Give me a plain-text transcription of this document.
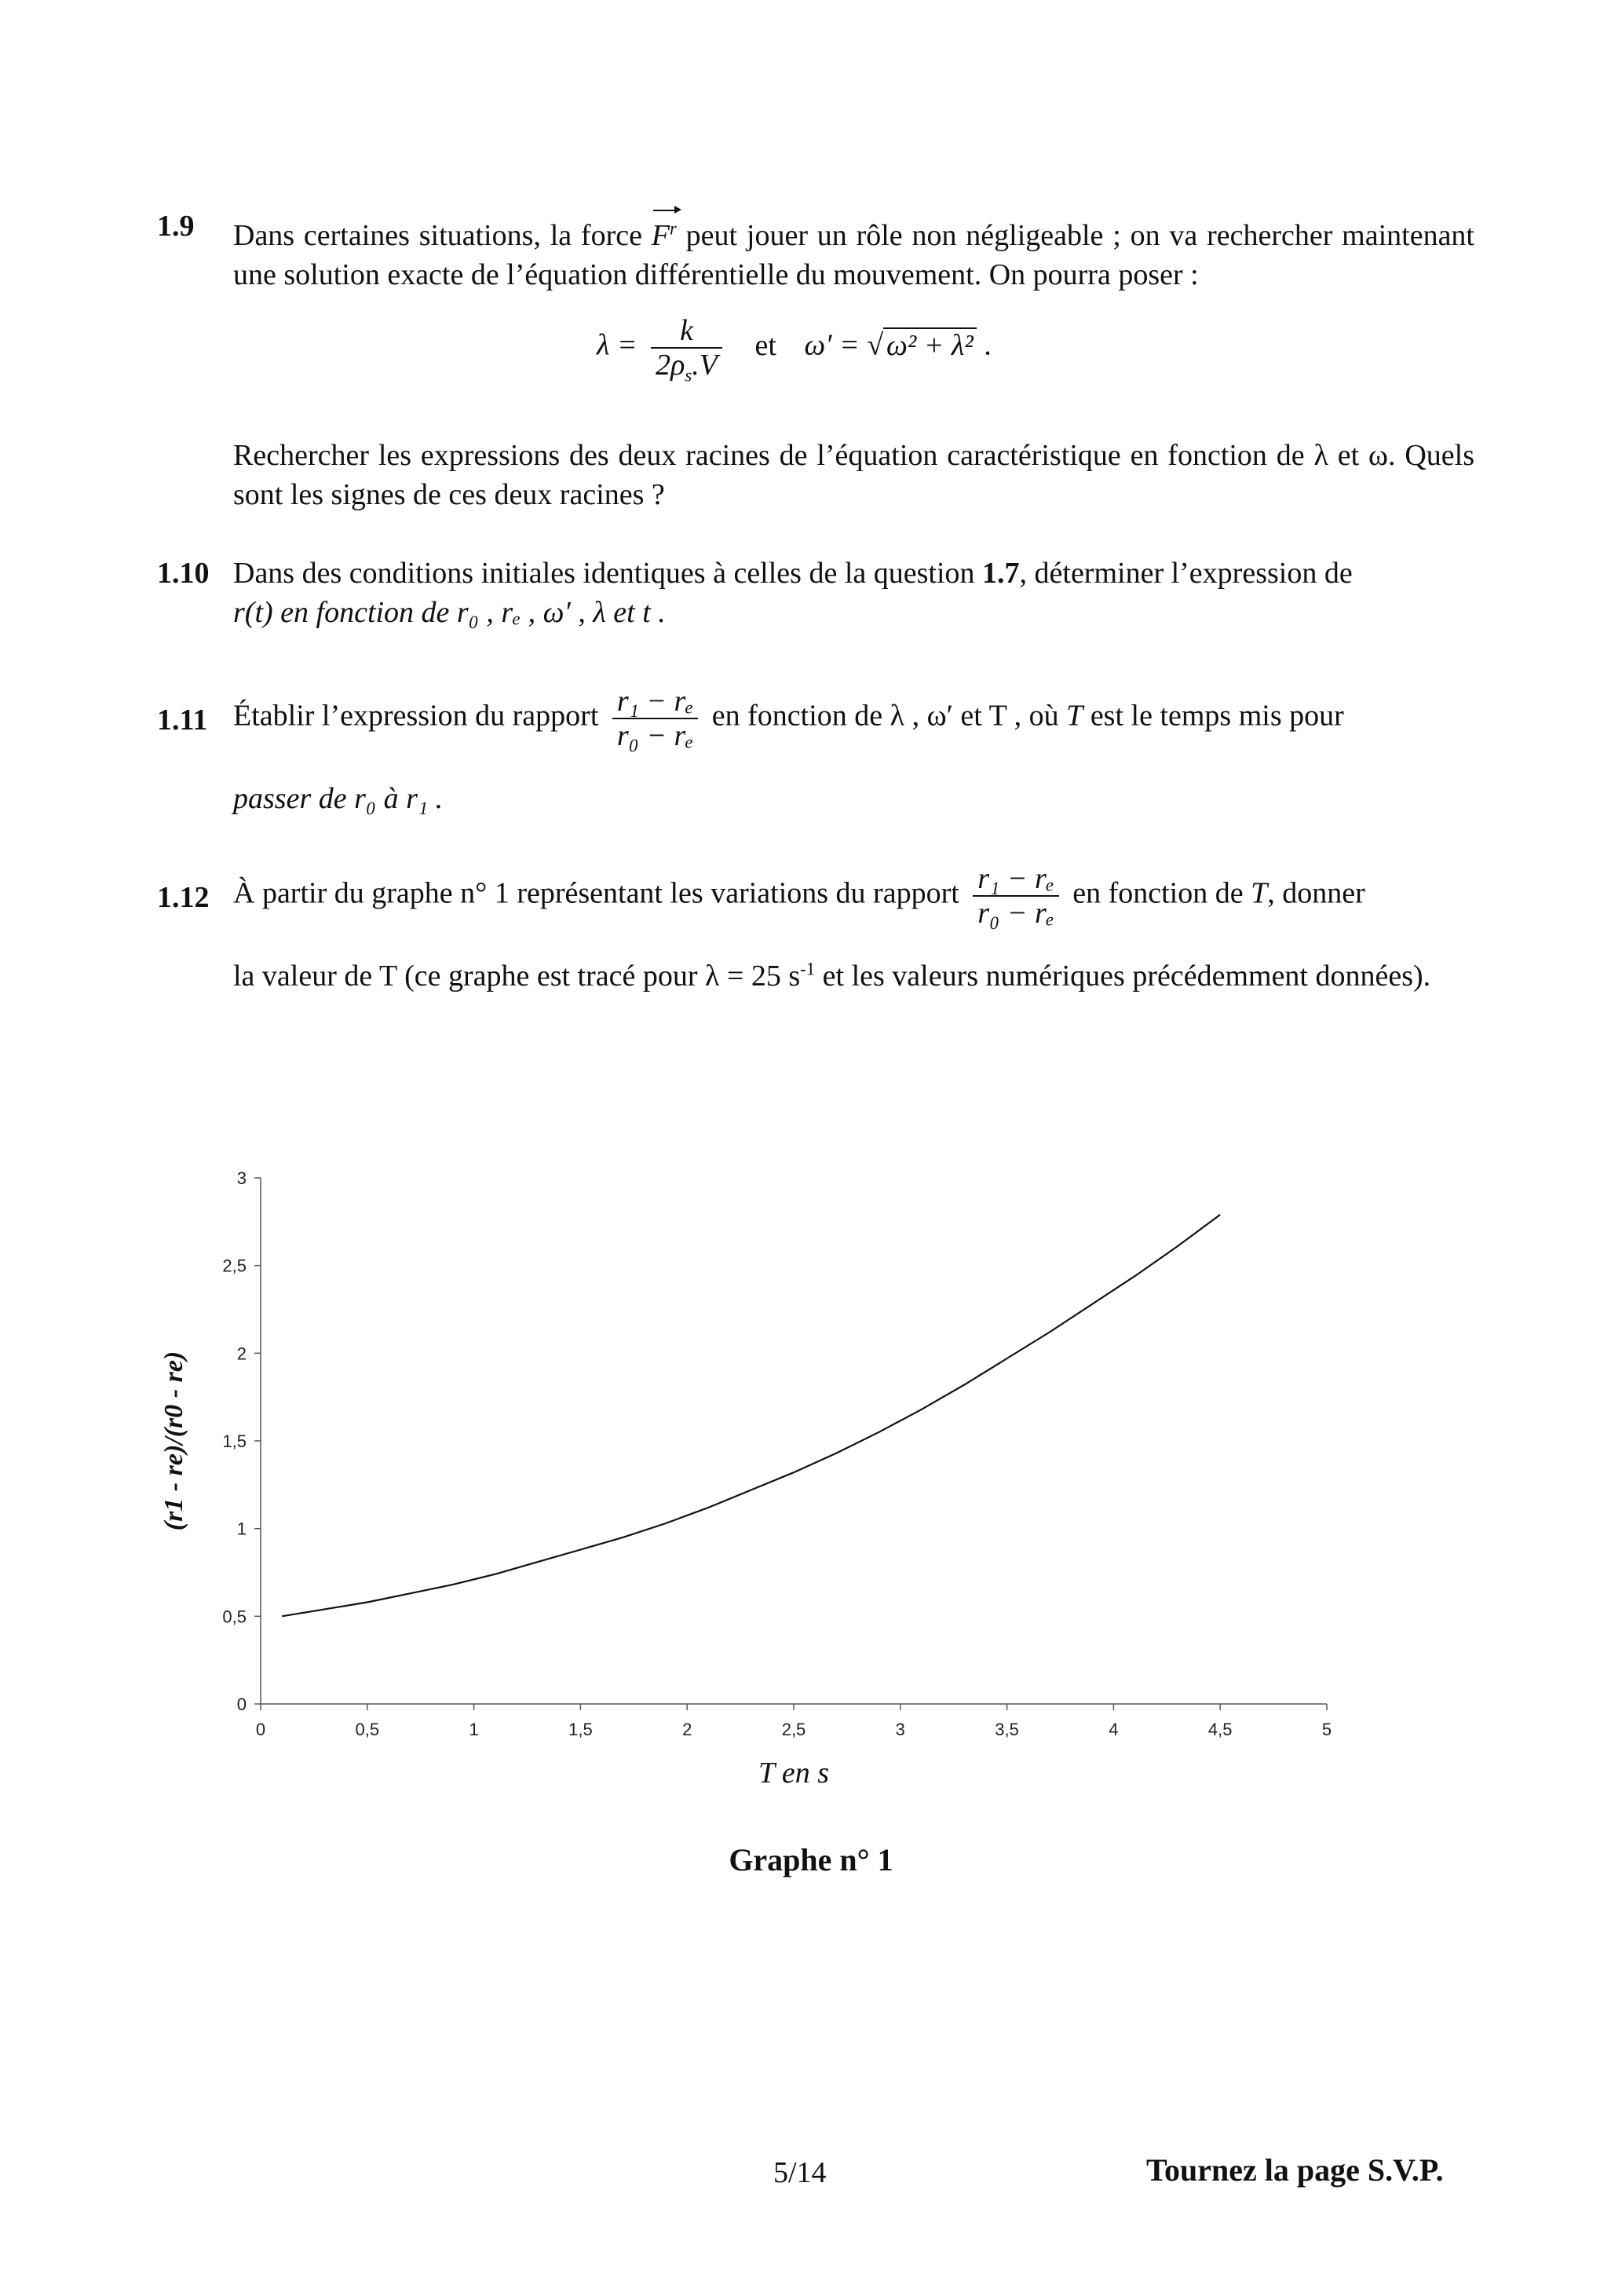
1.9 Dans certaines situations, la force $F^r$ peut jouer un rôle non négligeable ; on va rechercher maintenant une solution exacte de l’équation différentielle du mouvement. On pourra poser :
$\lambda = \frac{k}{2\rho_s.V}$ et ω′ = √ ω² + λ² .
Rechercher les expressions des deux racines de l’équation caractéristique en fonction de λ et ω. Quels sont les signes de ces deux racines ?
1.10 Dans des conditions initiales identiques à celles de la question 1.7, déterminer l’expression de
r(t) en fonction de r₀ , rₑ , ω′ , λ et t .
1.11 Établir l’expression du rapport $\frac{\text{r₁ − rₑ}}{\text{r₀ − rₑ}}$ en fonction de λ , ω′ et T , où T est le temps mis pour
passer de r₀ à r₁ .
1.12 À partir du graphe n° 1 représentant les variations du rapport $\frac{\text{r₁ − rₑ}}{\text{r₀ − rₑ}}$ en fonction de T, donner
la valeur de T (ce graphe est tracé pour λ = 25 $s^{-1}$ et les valeurs numériques précédemment données).
0
0,5
1
1,5
2
2,5
3
0	0,5	1	1,5	2	2,5	3	3,5	4	4,5	5
T en s
(r1 - re)/(r0 - re)
Graphe n° 1
5/14	Tournez la page S.V.P.
